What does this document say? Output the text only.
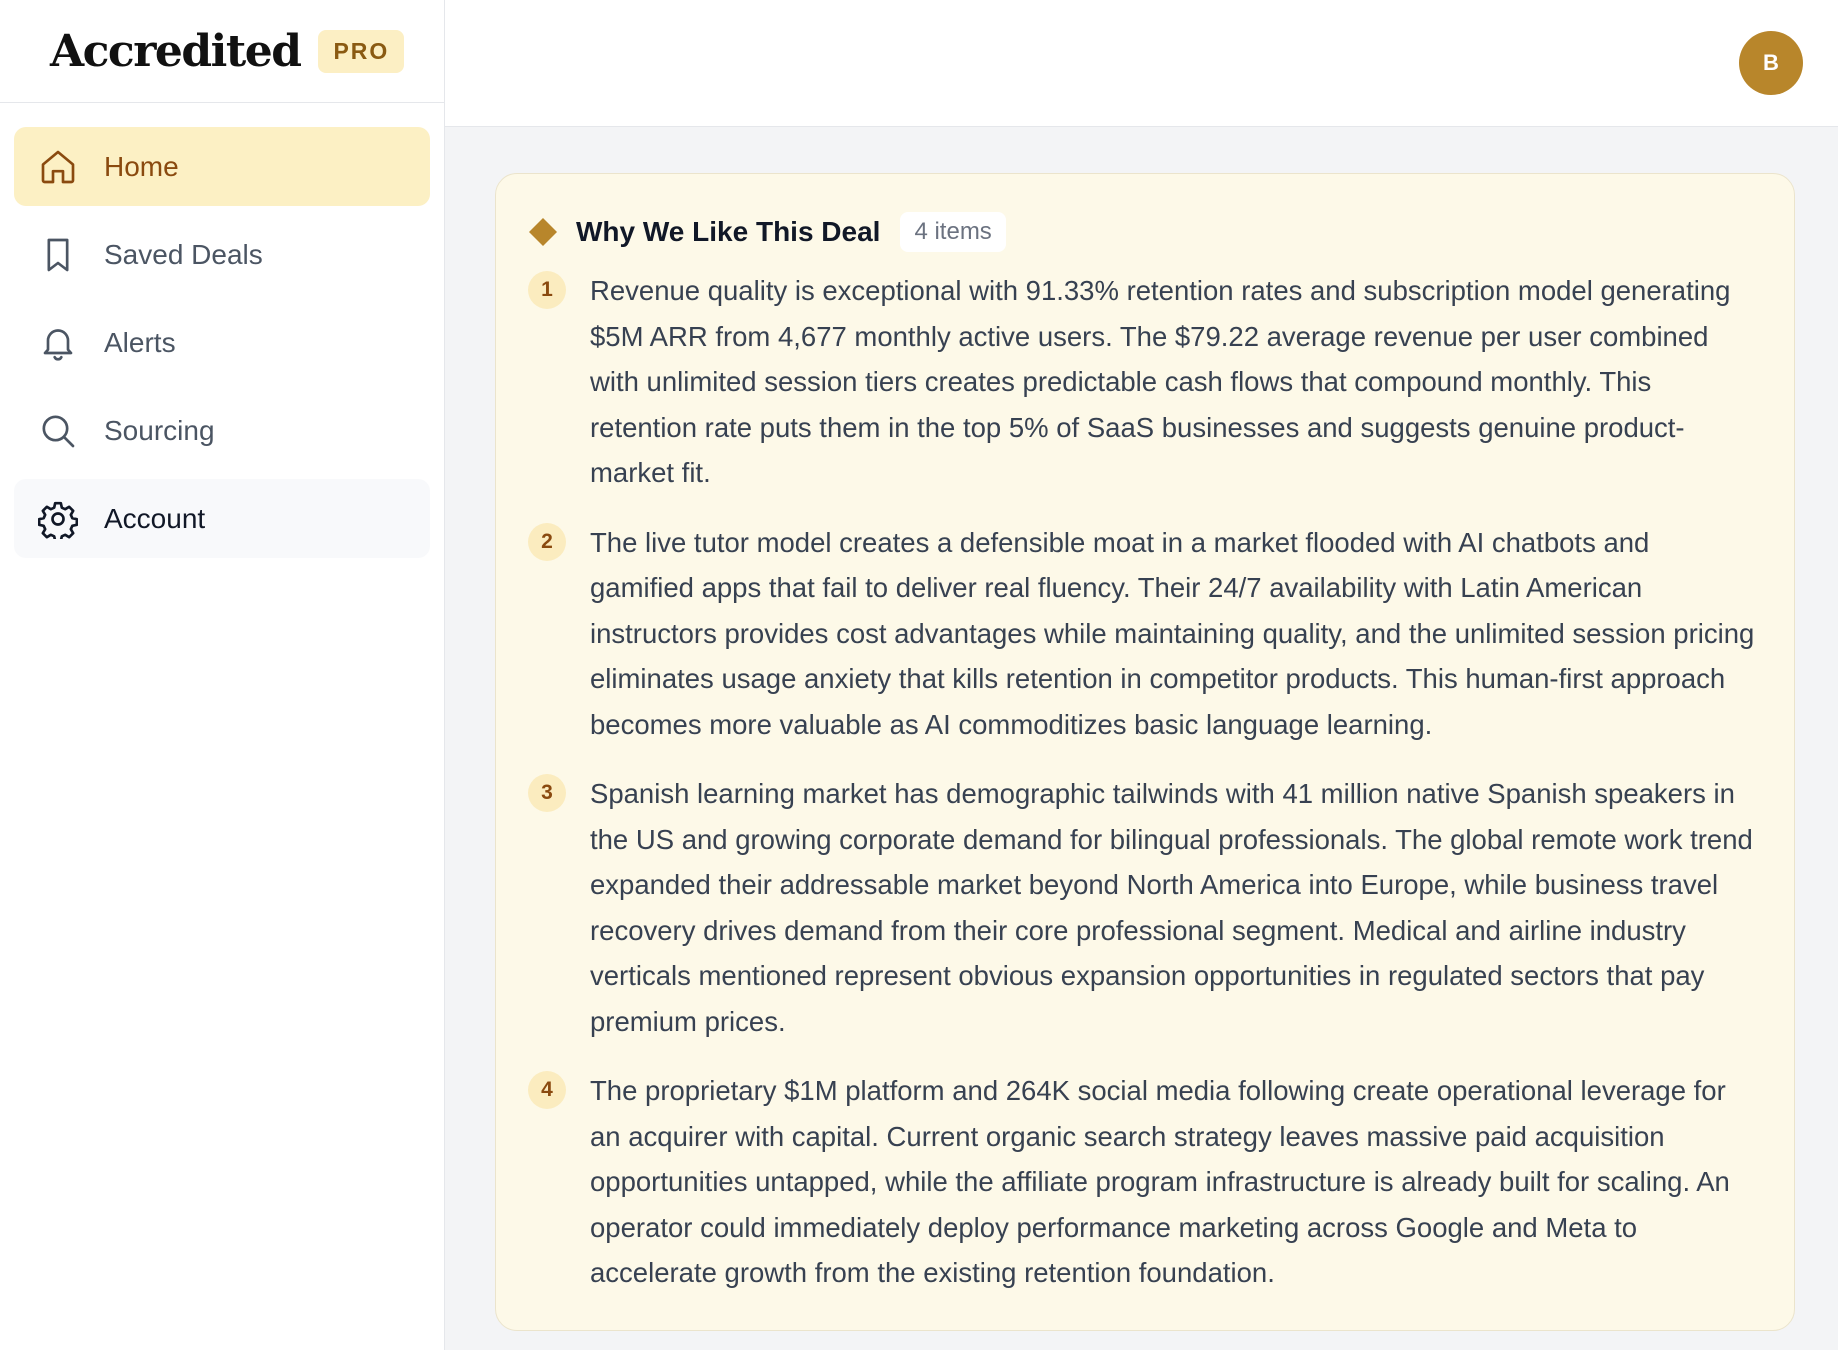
Accredited	PRO
Home
Saved Deals
Alerts
Sourcing
Account
B
Why We Like This Deal	4 items
1	Revenue quality is exceptional with 91.33% retention rates and subscription model generating $5M ARR from 4,677 monthly active users. The $79.22 average revenue per user combined with unlimited session tiers creates predictable cash flows that compound monthly. This retention rate puts them in the top 5% of SaaS businesses and suggests genuine product-market fit.

2	The live tutor model creates a defensible moat in a market flooded with AI chatbots and gamified apps that fail to deliver real fluency. Their 24/7 availability with Latin American instructors provides cost advantages while maintaining quality, and the unlimited session pricing eliminates usage anxiety that kills retention in competitor products. This human-first approach becomes more valuable as AI commoditizes basic language learning.

3	Spanish learning market has demographic tailwinds with 41 million native Spanish speakers in the US and growing corporate demand for bilingual professionals. The global remote work trend expanded their addressable market beyond North America into Europe, while business travel recovery drives demand from their core professional segment. Medical and airline industry verticals mentioned represent obvious expansion opportunities in regulated sectors that pay premium prices.

4	The proprietary $1M platform and 264K social media following create operational leverage for an acquirer with capital. Current organic search strategy leaves massive paid acquisition opportunities untapped, while the affiliate program infrastructure is already built for scaling. An operator could immediately deploy performance marketing across Google and Meta to accelerate growth from the existing retention foundation.
